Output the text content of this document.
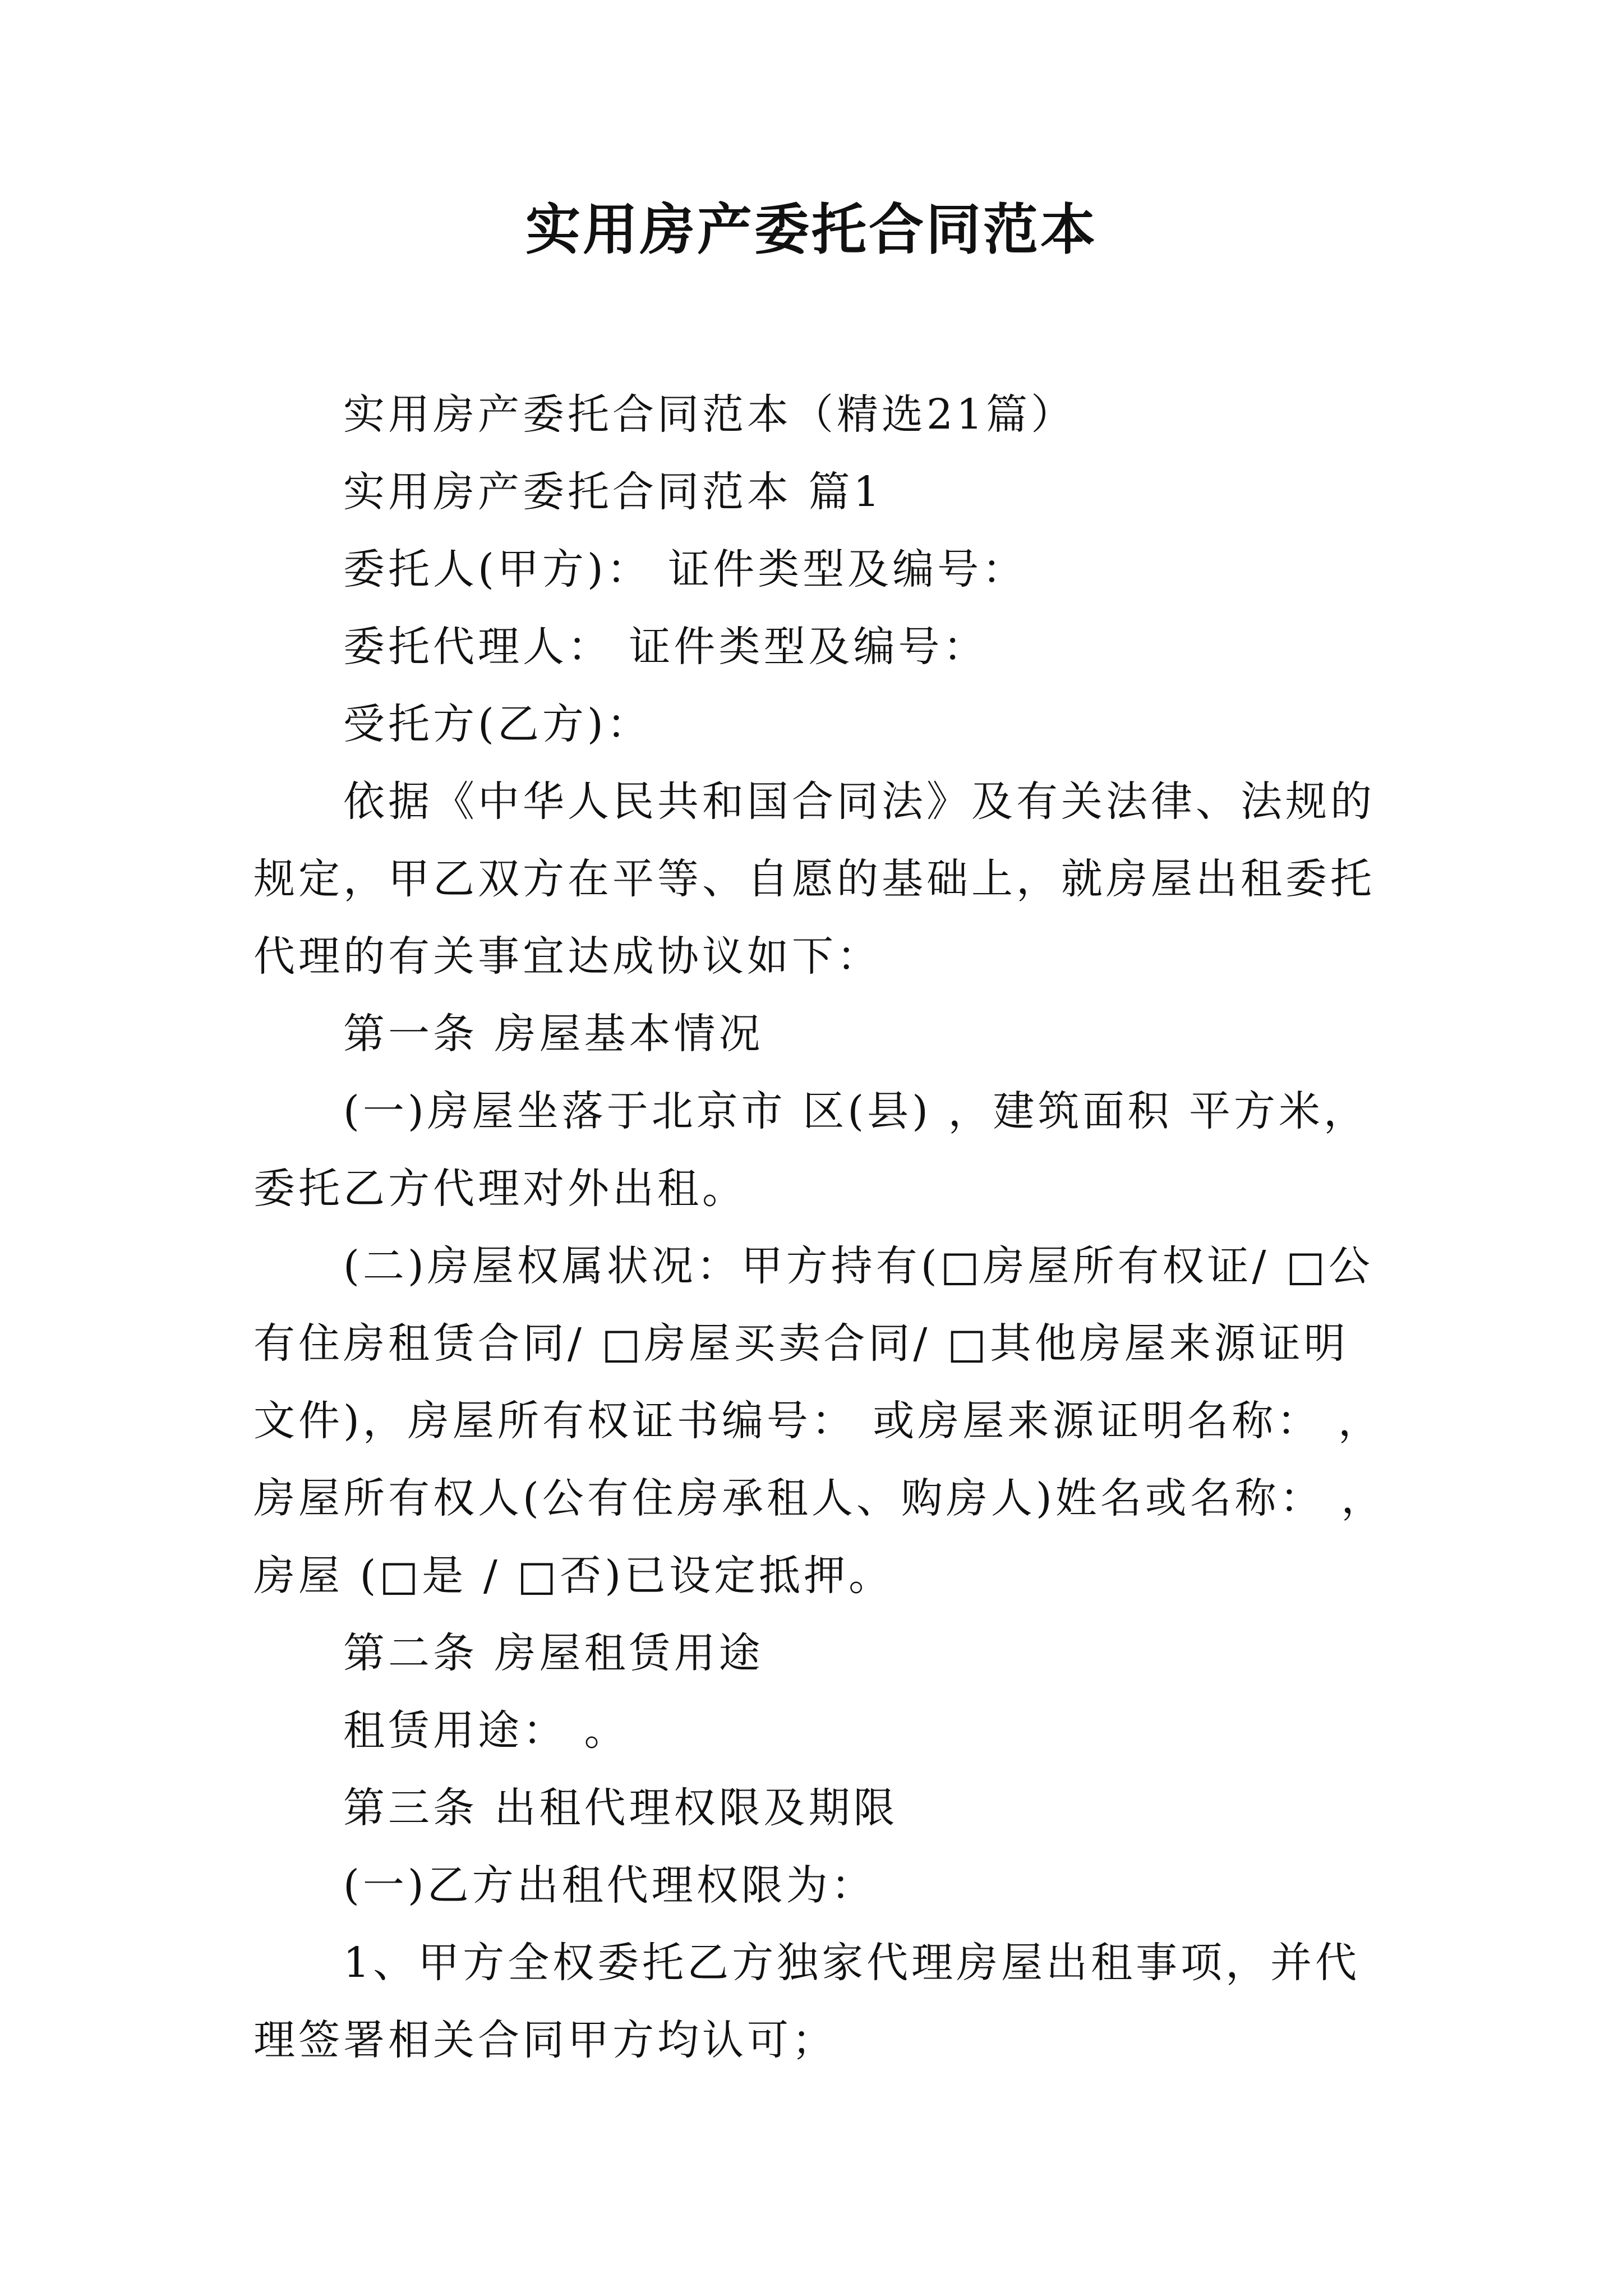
实用房产委托合同范本

实用房产委托合同范本（精选21篇）

实用房产委托合同范本 篇1

委托人(甲方)： 证件类型及编号：

委托代理人： 证件类型及编号：

受托方(乙方)：

依据《中华人民共和国合同法》及有关法律、法规的规定，甲乙双方在平等、自愿的基础上，就房屋出租委托代理的有关事宜达成协议如下：

第一条 房屋基本情况

(一)房屋坐落于北京市 区(县) ，建筑面积 平方米，委托乙方代理对外出租。

(二)房屋权属状况：甲方持有(□房屋所有权证/ □公有住房租赁合同/ □房屋买卖合同/ □其他房屋来源证明文件)，房屋所有权证书编号： 或房屋来源证明名称： ，房屋所有权人(公有住房承租人、购房人)姓名或名称： ，房屋 (□是 / □否)已设定抵押。

第二条 房屋租赁用途

租赁用途： 。

第三条 出租代理权限及期限

(一)乙方出租代理权限为：

1、甲方全权委托乙方独家代理房屋出租事项，并代理签署相关合同甲方均认可；
